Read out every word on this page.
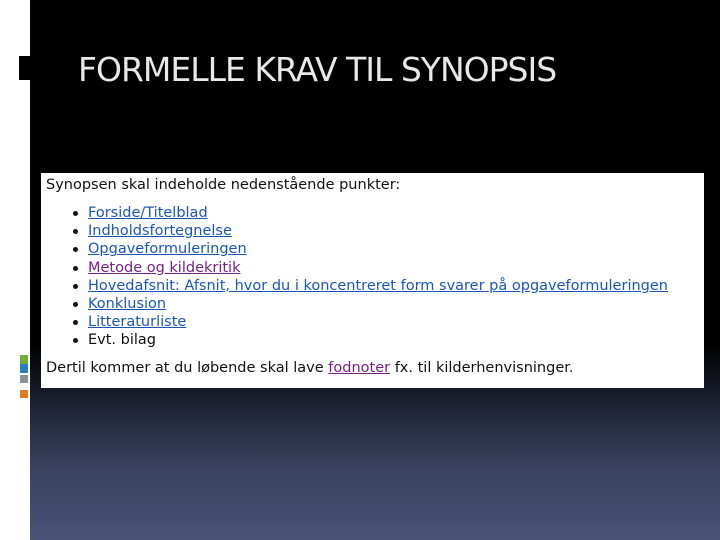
FORMELLE KRAV TIL SYNOPSIS

Synopsen skal indeholde nedenstående punkter:

Forside/Titelblad
Indholdsfortegnelse
Opgaveformuleringen
Metode og kildekritik
Hovedafsnit: Afsnit, hvor du i koncentreret form svarer på opgaveformuleringen
Konklusion
Litteraturliste
Evt. bilag

Dertil kommer at du løbende skal lave fodnoter fx. til kilderhenvisninger.
